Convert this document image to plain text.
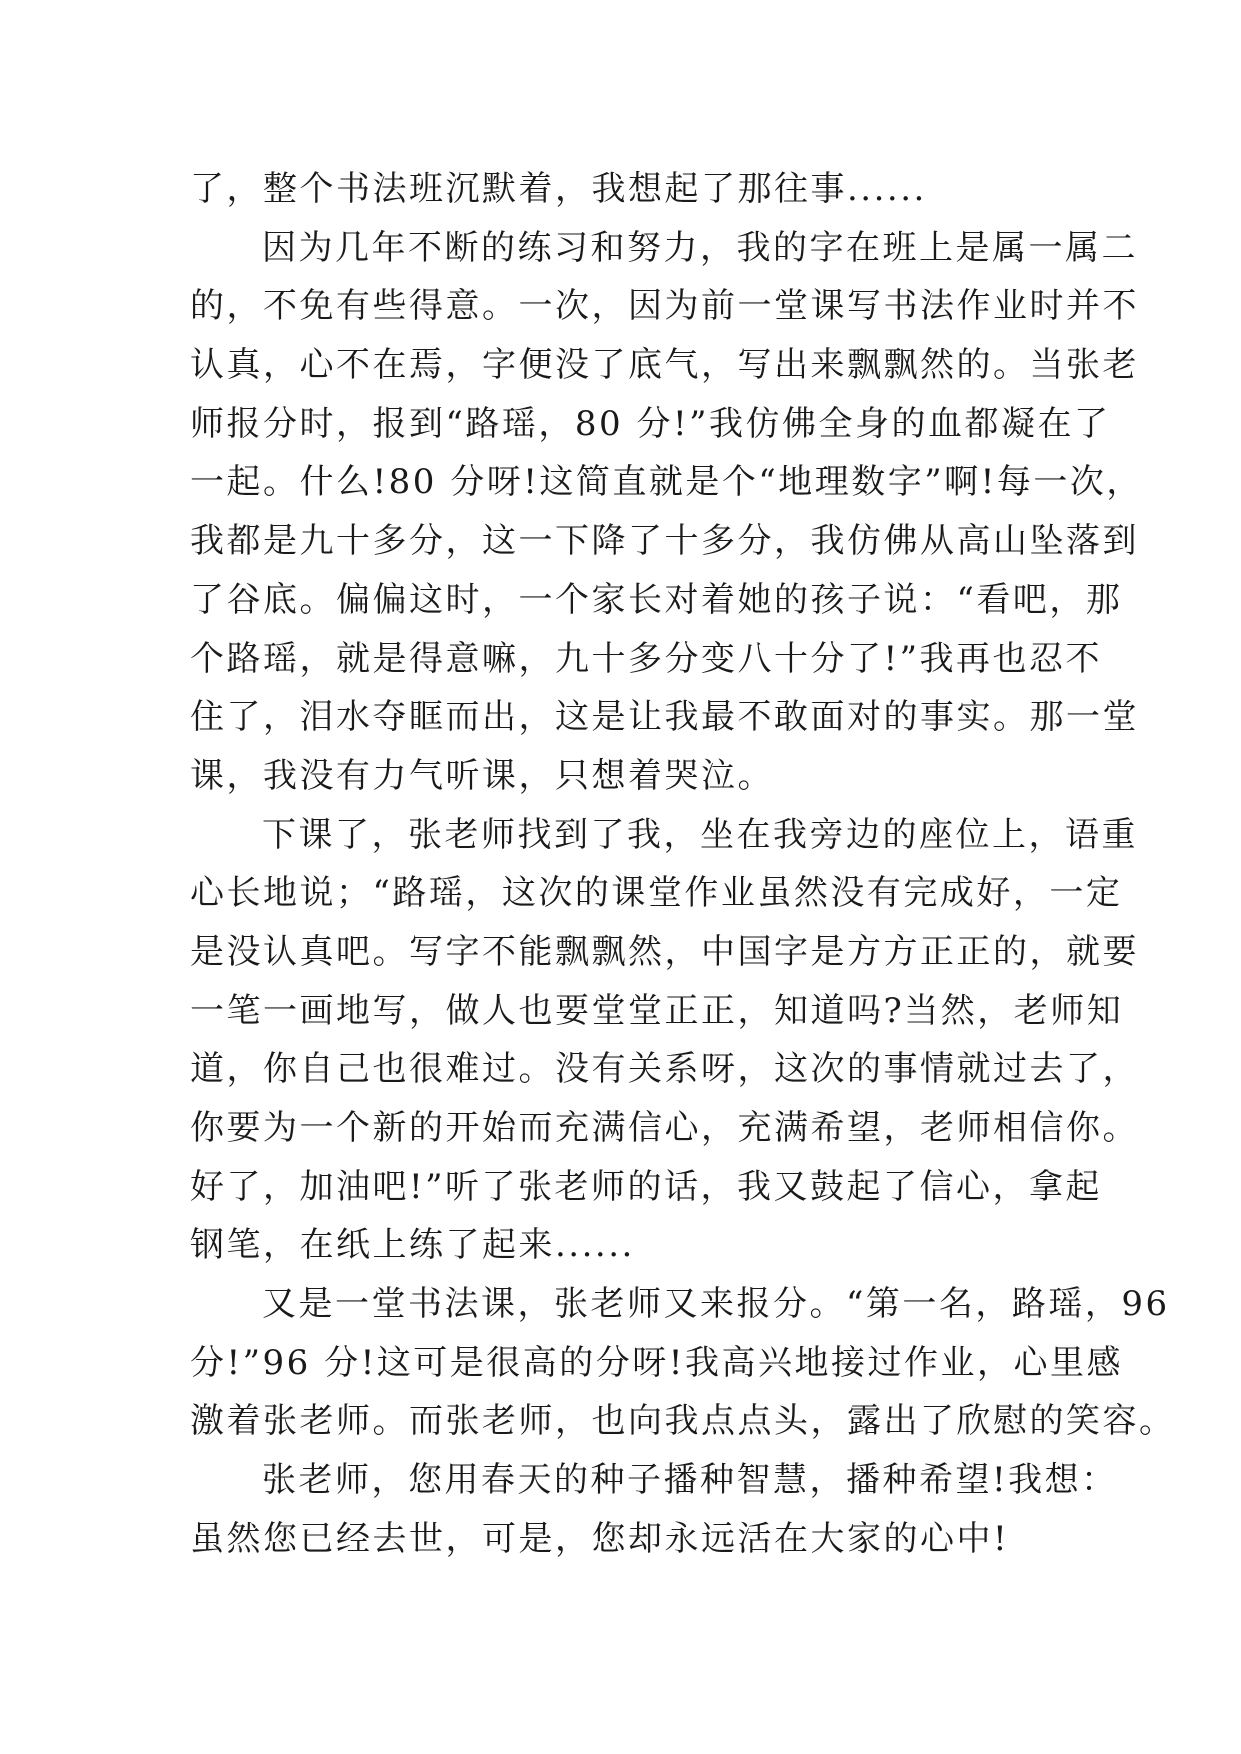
了，整个书法班沉默着，我想起了那往事......
因为几年不断的练习和努力，我的字在班上是属一属二
的，不免有些得意。一次，因为前一堂课写书法作业时并不
认真，心不在焉，字便没了底气，写出来飘飘然的。当张老
师报分时，报到“路瑶，80 分!”我仿佛全身的血都凝在了
一起。什么!80 分呀!这简直就是个“地理数字”啊!每一次，
我都是九十多分，这一下降了十多分，我仿佛从高山坠落到
了谷底。偏偏这时，一个家长对着她的孩子说：“看吧，那
个路瑶，就是得意嘛，九十多分变八十分了!”我再也忍不
住了，泪水夺眶而出，这是让我最不敢面对的事实。那一堂
课，我没有力气听课，只想着哭泣。
下课了，张老师找到了我，坐在我旁边的座位上，语重
心长地说；“路瑶，这次的课堂作业虽然没有完成好，一定
是没认真吧。写字不能飘飘然，中国字是方方正正的，就要
一笔一画地写，做人也要堂堂正正，知道吗?当然，老师知
道，你自己也很难过。没有关系呀，这次的事情就过去了，
你要为一个新的开始而充满信心，充满希望，老师相信你。
好了，加油吧!”听了张老师的话，我又鼓起了信心，拿起
钢笔，在纸上练了起来......
又是一堂书法课，张老师又来报分。“第一名，路瑶，96
分!”96 分!这可是很高的分呀!我高兴地接过作业，心里感
激着张老师。而张老师，也向我点点头，露出了欣慰的笑容。
张老师，您用春天的种子播种智慧，播种希望!我想：
虽然您已经去世，可是，您却永远活在大家的心中!
